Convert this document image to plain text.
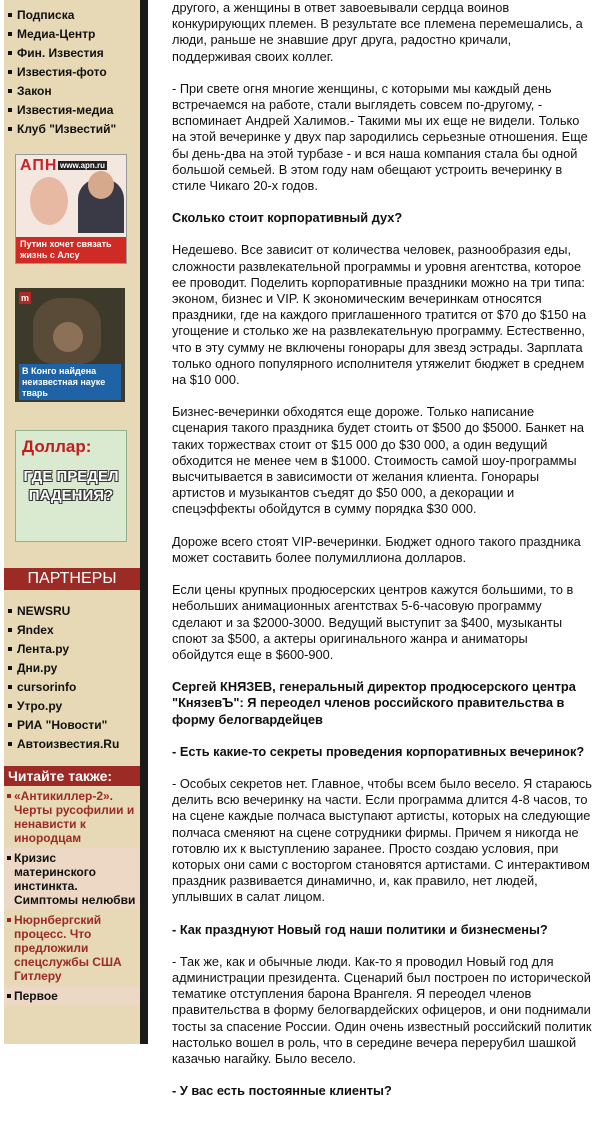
Подписка
Медиа-Центр
Фин. Известия
Известия-фото
Закон
Известия-медиа
Клуб "Известий"
АПН www.apn.ru
Путин хочет связать жизнь с Алсу
m
В Конго найдена неизвестная науке тварь
Доллар:
ГДЕ ПРЕДЕЛ ПАДЕНИЯ?
ПАРТНЕРЫ
NEWSRU
Яndex
Лента.ру
Дни.ру
cursorinfo
Утро.ру
РИА "Новости"
Автоизвестия.Ru
Читайте также:
«Антикиллер-2». Черты русофилии и ненависти к инородцам
Кризис материнского инстинкта. Симптомы нелюбви
Нюрнбергский процесс. Что предложили спецслужбы США Гитлеру
Первое

другого, а женщины в ответ завоевывали сердца воинов конкурирующих племен. В результате все племена перемешались, а люди, раньше не знавшие друг друга, радостно кричали, поддерживая своих коллег.

- При свете огня многие женщины, с которыми мы каждый день встречаемся на работе, стали выглядеть совсем по-другому, - вспоминает Андрей Халимов.- Такими мы их еще не видели. Только на этой вечеринке у двух пар зародились серьезные отношения. Еще бы день-два на этой турбазе - и вся наша компания стала бы одной большой семьей. В этом году нам обещают устроить вечеринку в стиле Чикаго 20-х годов.

Сколько стоит корпоративный дух?

Недешево. Все зависит от количества человек, разнообразия еды, сложности развлекательной программы и уровня агентства, которое ее проводит. Поделить корпоративные праздники можно на три типа: эконом, бизнес и VIP. К экономическим вечеринкам относятся праздники, где на каждого приглашенного тратится от $70 до $150 на угощение и столько же на развлекательную программу. Естественно, что в эту сумму не включены гонорары для звезд эстрады. Зарплата только одного популярного исполнителя утяжелит бюджет в среднем на $10 000.

Бизнес-вечеринки обходятся еще дороже. Только написание сценария такого праздника будет стоить от $500 до $5000. Банкет на таких торжествах стоит от $15 000 до $30 000, а один ведущий обходится не менее чем в $1000. Стоимость самой шоу-программы высчитывается в зависимости от желания клиента. Гонорары артистов и музыкантов съедят до $50 000, а декорации и спецэффекты обойдутся в сумму порядка $30 000.

Дороже всего стоят VIP-вечеринки. Бюджет одного такого праздника может составить более полумиллиона долларов.

Если цены крупных продюсерских центров кажутся большими, то в небольших анимационных агентствах 5-6-часовую программу сделают и за $2000-3000. Ведущий выступит за $400, музыканты споют за $500, а актеры оригинального жанра и аниматоры обойдутся еще в $600-900.

Сергей КНЯЗЕВ, генеральный директор продюсерского центра "КнязевЪ": Я переодел членов российского правительства в форму белогвардейцев

- Есть какие-то секреты проведения корпоративных вечеринок?

- Особых секретов нет. Главное, чтобы всем было весело. Я стараюсь делить всю вечеринку на части. Если программа длится 4-8 часов, то на сцене каждые полчаса выступают артисты, которых на следующие полчаса сменяют на сцене сотрудники фирмы. Причем я никогда не готовлю их к выступлению заранее. Просто создаю условия, при которых они сами с восторгом становятся артистами. С интерактивом праздник развивается динамично, и, как правило, нет людей, уплывших в салат лицом.

- Как празднуют Новый год наши политики и бизнесмены?

- Так же, как и обычные люди. Как-то я проводил Новый год для администрации президента. Сценарий был построен по исторической тематике отступления барона Врангеля. Я переодел членов правительства в форму белогвардейских офицеров, и они поднимали тосты за спасение России. Один очень известный российский политик настолько вошел в роль, что в середине вечера перерубил шашкой казачью нагайку. Было весело.

- У вас есть постоянные клиенты?
